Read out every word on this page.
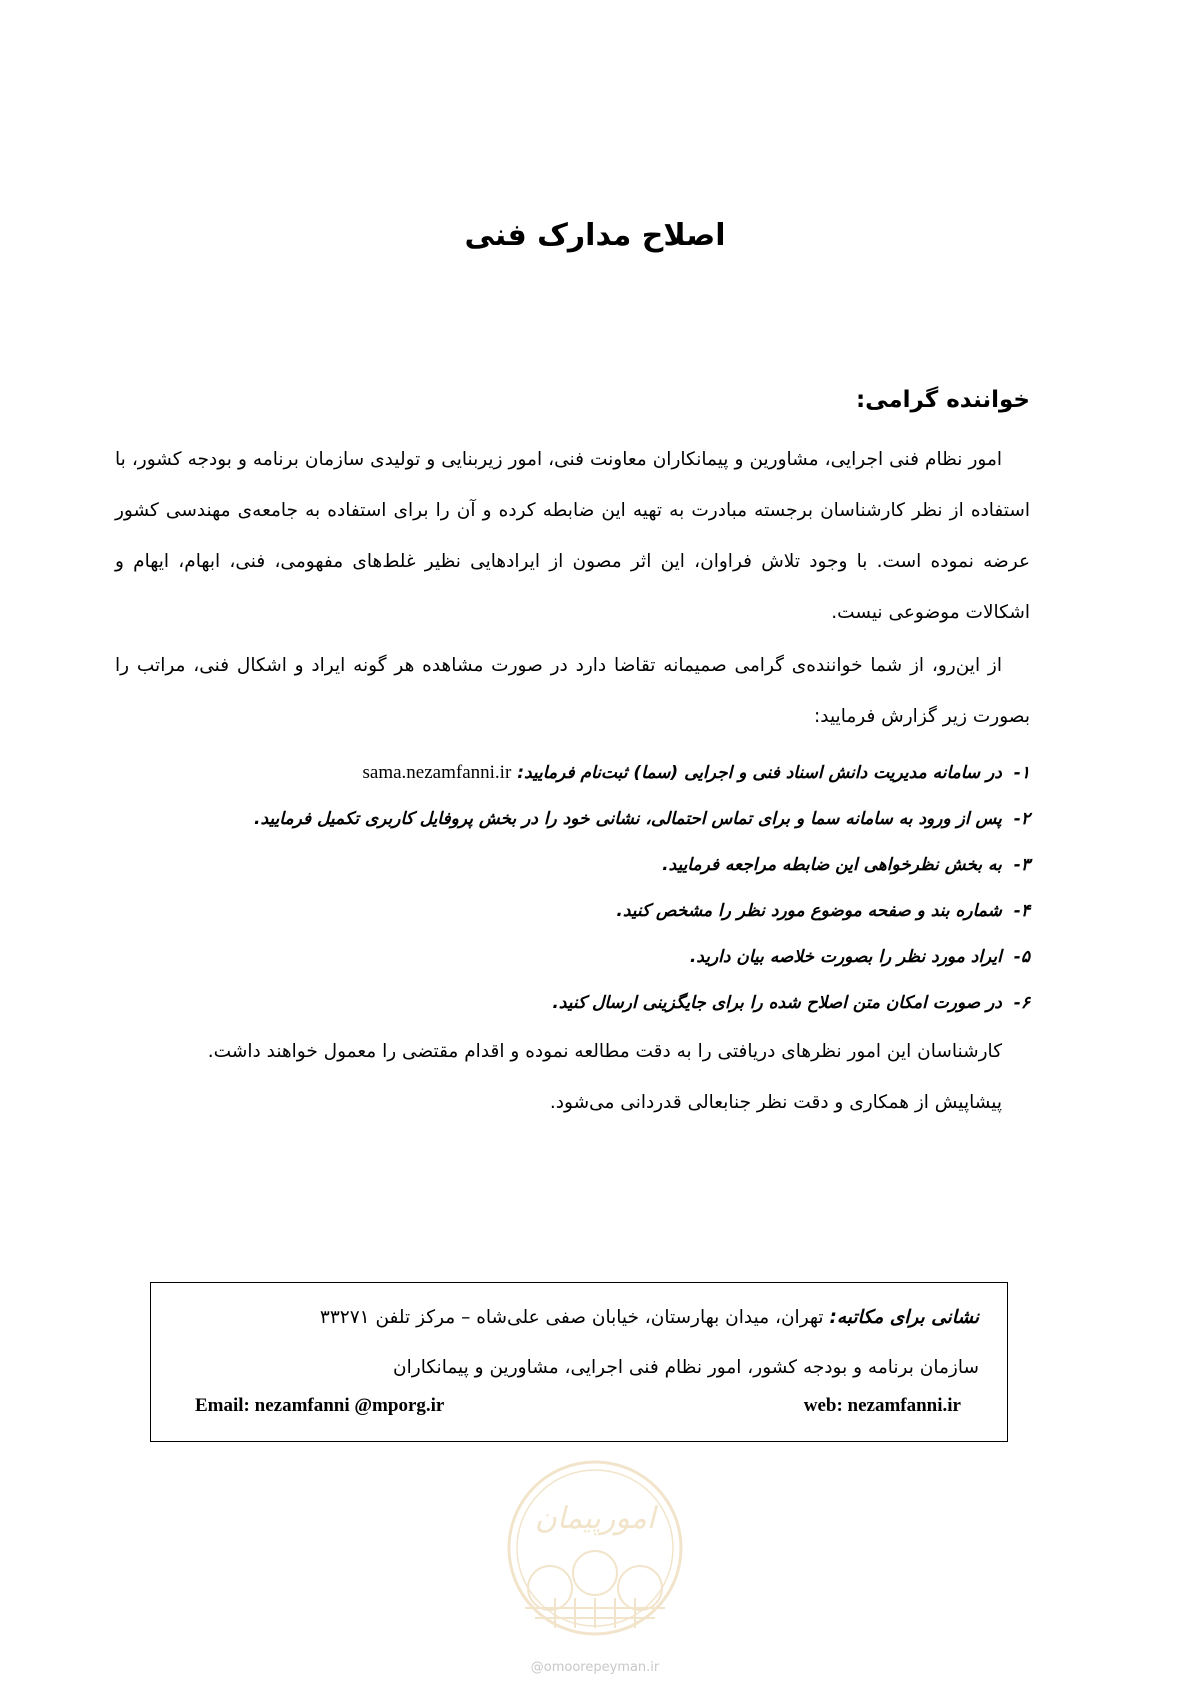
اصلاح مدارک فنی
خواننده گرامی:

امور نظام فنی اجرایی، مشاورین و پیمانکاران معاونت فنی، امور زیربنایی و تولیدی سازمان برنامه و بودجه کشور، با استفاده از نظر کارشناسان برجسته مبادرت به تهیه این ضابطه کرده و آن را برای استفاده به جامعه‌ی مهندسی کشور عرضه نموده است. با وجود تلاش فراوان، این اثر مصون از ایرادهایی نظیر غلط‌های مفهومی، فنی، ابهام، ایهام و اشکالات موضوعی نیست.

از این‌رو، از شما خواننده‌ی گرامی صمیمانه تقاضا دارد در صورت مشاهده هر گونه ایراد و اشکال فنی، مراتب را بصورت زیر گزارش فرمایید:

۱- در سامانه مدیریت دانش اسناد فنی و اجرایی (سما) ثبت‌نام فرمایید: sama.nezamfanni.ir
۲- پس از ورود به سامانه سما و برای تماس احتمالی، نشانی خود را در بخش پروفایل کاربری تکمیل فرمایید.
۳- به بخش نظرخواهی این ضابطه مراجعه فرمایید.
۴- شماره بند و صفحه موضوع مورد نظر را مشخص کنید.
۵- ایراد مورد نظر را بصورت خلاصه بیان دارید.
۶- در صورت امکان متن اصلاح شده را برای جایگزینی ارسال کنید.

کارشناسان این امور نظرهای دریافتی را به دقت مطالعه نموده و اقدام مقتضی را معمول خواهند داشت.

پیشاپیش از همکاری و دقت نظر جنابعالی قدردانی می‌شود.

نشانی برای مکاتبه: تهران، میدان بهارستان، خیابان صفی علی‌شاه – مرکز تلفن ۳۳۲۷۱
سازمان برنامه و بودجه کشور، امور نظام فنی اجرایی، مشاورین و پیمانکاران
Email: nezamfanni @mporg.ir	web: nezamfanni.ir
امورپیمان
@omoorepeyman.ir
